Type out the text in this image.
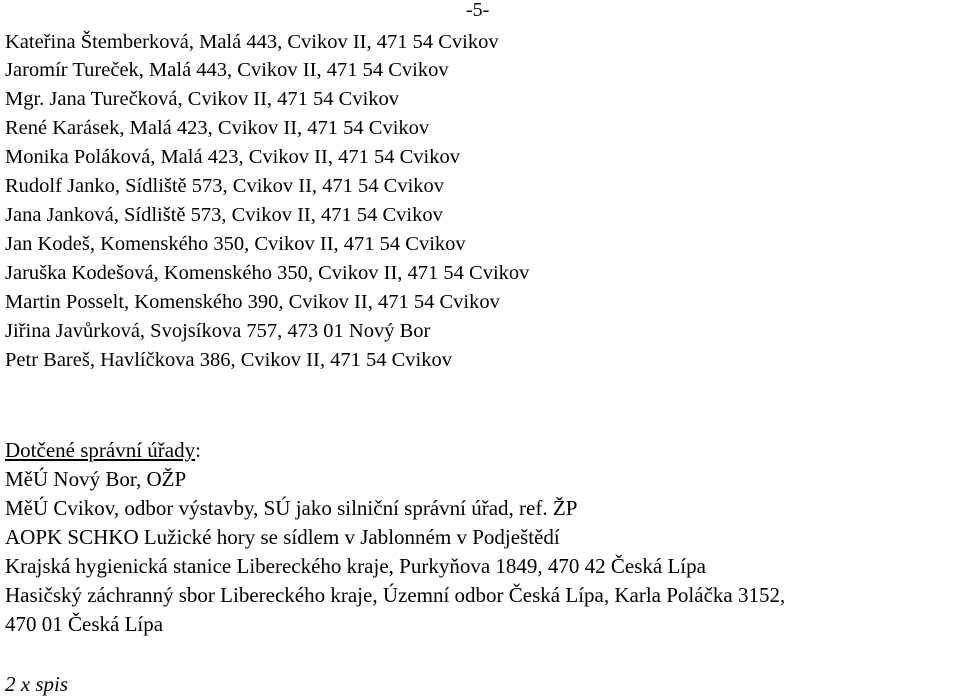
-5-
Kateřina Štemberková, Malá 443, Cvikov II, 471 54 Cvikov
Jaromír Tureček, Malá 443, Cvikov II, 471 54 Cvikov
Mgr. Jana Turečková, Cvikov II, 471 54 Cvikov
René Karásek, Malá 423, Cvikov II, 471 54 Cvikov
Monika Poláková, Malá 423, Cvikov II, 471 54 Cvikov
Rudolf Janko, Sídliště 573, Cvikov II, 471 54 Cvikov
Jana Janková, Sídliště 573, Cvikov II, 471 54 Cvikov
Jan Kodeš, Komenského 350, Cvikov II, 471 54 Cvikov
Jaruška Kodešová, Komenského 350, Cvikov II, 471 54 Cvikov
Martin Posselt, Komenského 390, Cvikov II, 471 54 Cvikov
Jiřina Javůrková, Svojsíkova 757, 473 01 Nový Bor
Petr Bareš, Havlíčkova 386, Cvikov II, 471 54 Cvikov
Dotčené správní úřady:
MěÚ Nový Bor, OŽP
MěÚ Cvikov, odbor výstavby, SÚ jako silniční správní úřad, ref. ŽP
AOPK SCHKO Lužické hory se sídlem v Jablonném v Podještědí
Krajská hygienická stanice Libereckého kraje, Purkyňova 1849, 470 42 Česká Lípa
Hasičský záchranný sbor Libereckého kraje, Územní odbor Česká Lípa, Karla Poláčka 3152,
470 01 Česká Lípa
2 x spis
